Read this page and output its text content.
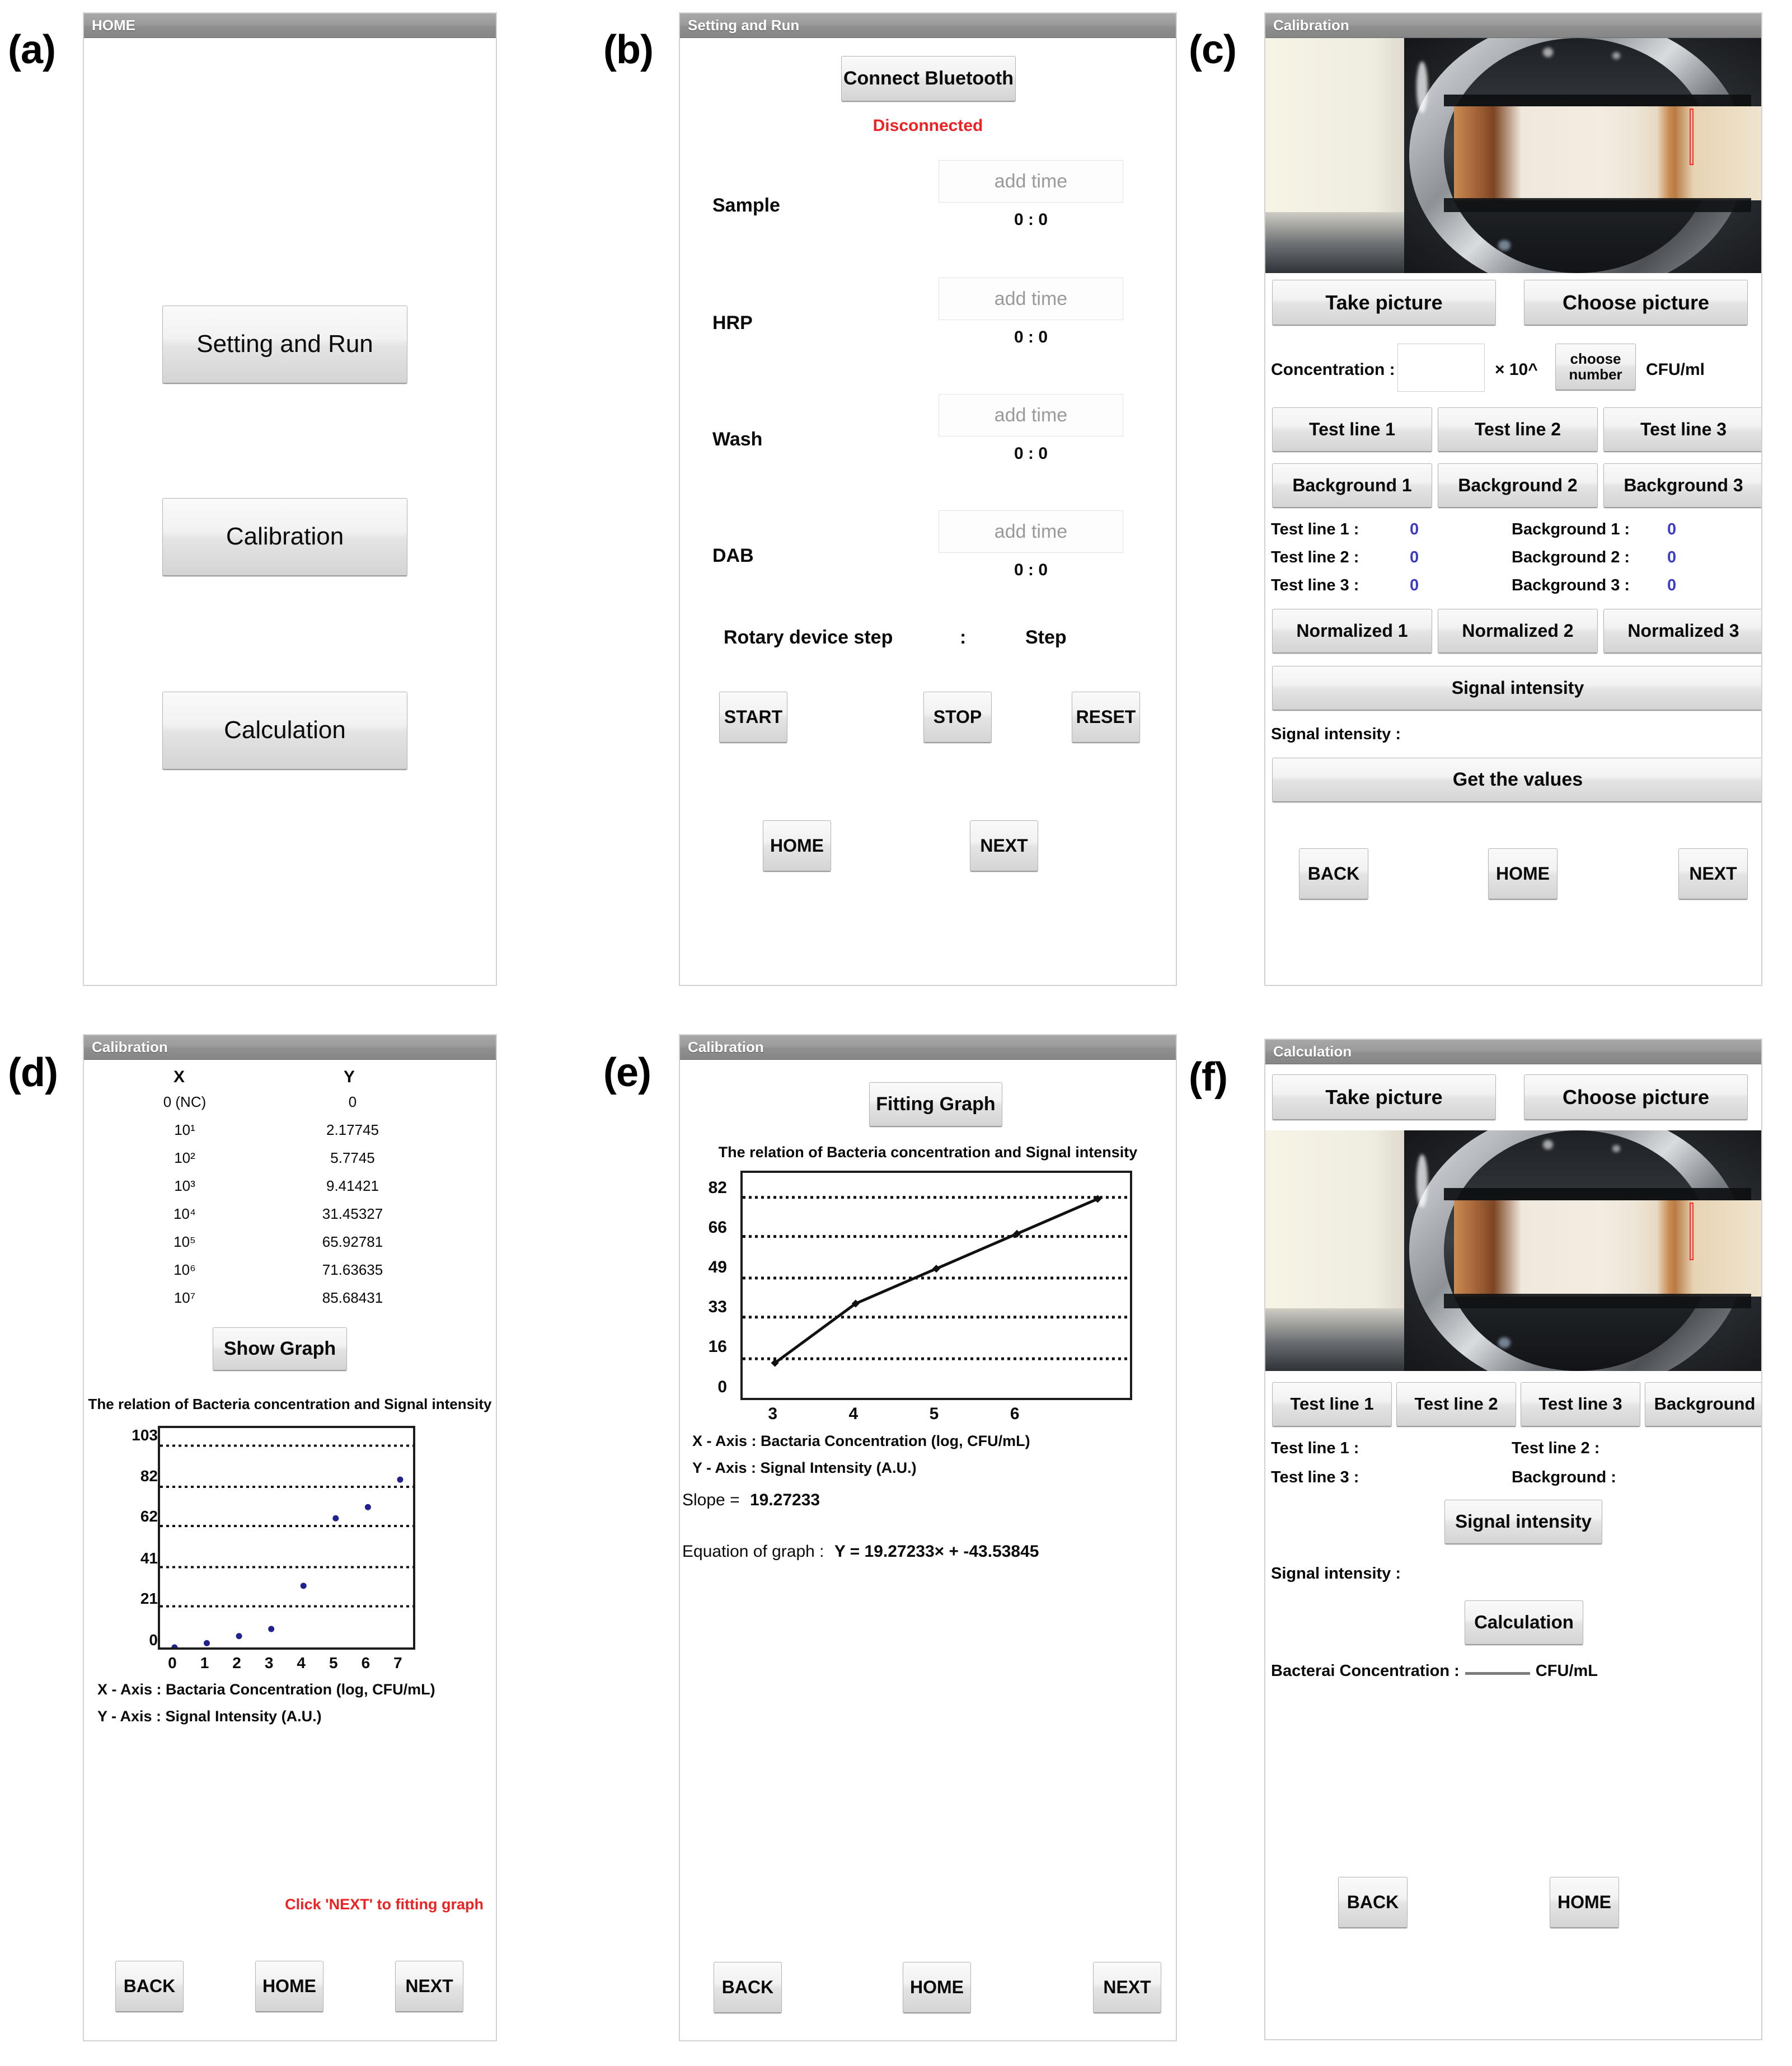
(a)
HOME
Setting and Run
Calibration
Calculation
(b)
Setting and Run
Connect Bluetooth
Disconnected
Sample
add time
0 : 0
HRP
add time
0 : 0
Wash
add time
0 : 0
DAB
add time
0 : 0
Rotary device step	:	Step
START	STOP	RESET
HOME	NEXT
(c)
Calibration
Take picture	Choose picture
Concentration :	× 10^
choose
number CFU/ml
Test line 1	Test line 2	Test line 3
Background 1	Background 2	Background 3
Test line 1 :	0	Background 1 : 0
Test line 2 :	0	Background 2 : 0
Test line 3 :	0	Background 3 : 0
Normalized 1	Normalized 2	Normalized 3
Signal intensity
Signal intensity :
Get the values
BACK	HOME	NEXT
(d)
Calibration
X	Y
0 (NC)	0
10¹	2.17745
10²	5.7745
10³	9.41421
10⁴	31.45327
10⁵	65.92781
10⁶	71.63635
10⁷	85.68431
Show Graph
The relation of Bacteria concentration and Signal intensity
0
21
41
62
82
103
X - Axis : Bactaria Concentration (log, CFU/mL)
Y - Axis : Signal Intensity (A.U.)
Click 'NEXT' to fitting graph
BACK	HOME	NEXT
0	1	2	3	4	5	6	7
(e)
Calibration
Fitting Graph
The relation of Bacteria concentration and Signal intensity
0
16
33
49
66
82
X - Axis : Bactaria Concentration (log, CFU/mL)
Y - Axis : Signal Intensity (A.U.)
Slope = 19.27233
Equation of graph : Y = 19.27233× + -43.53845
BACK	HOME	NEXT
3	4	5	6
(f)
Calculation
Take picture	Choose picture
Test line 1	Test line 2	Test line 3	Background
Test line 1 :	Test line 2 :
Test line 3 :	Background :
Signal intensity
Signal intensity :
Calculation
Bacterai Concentration :	CFU/mL
BACK	HOME
